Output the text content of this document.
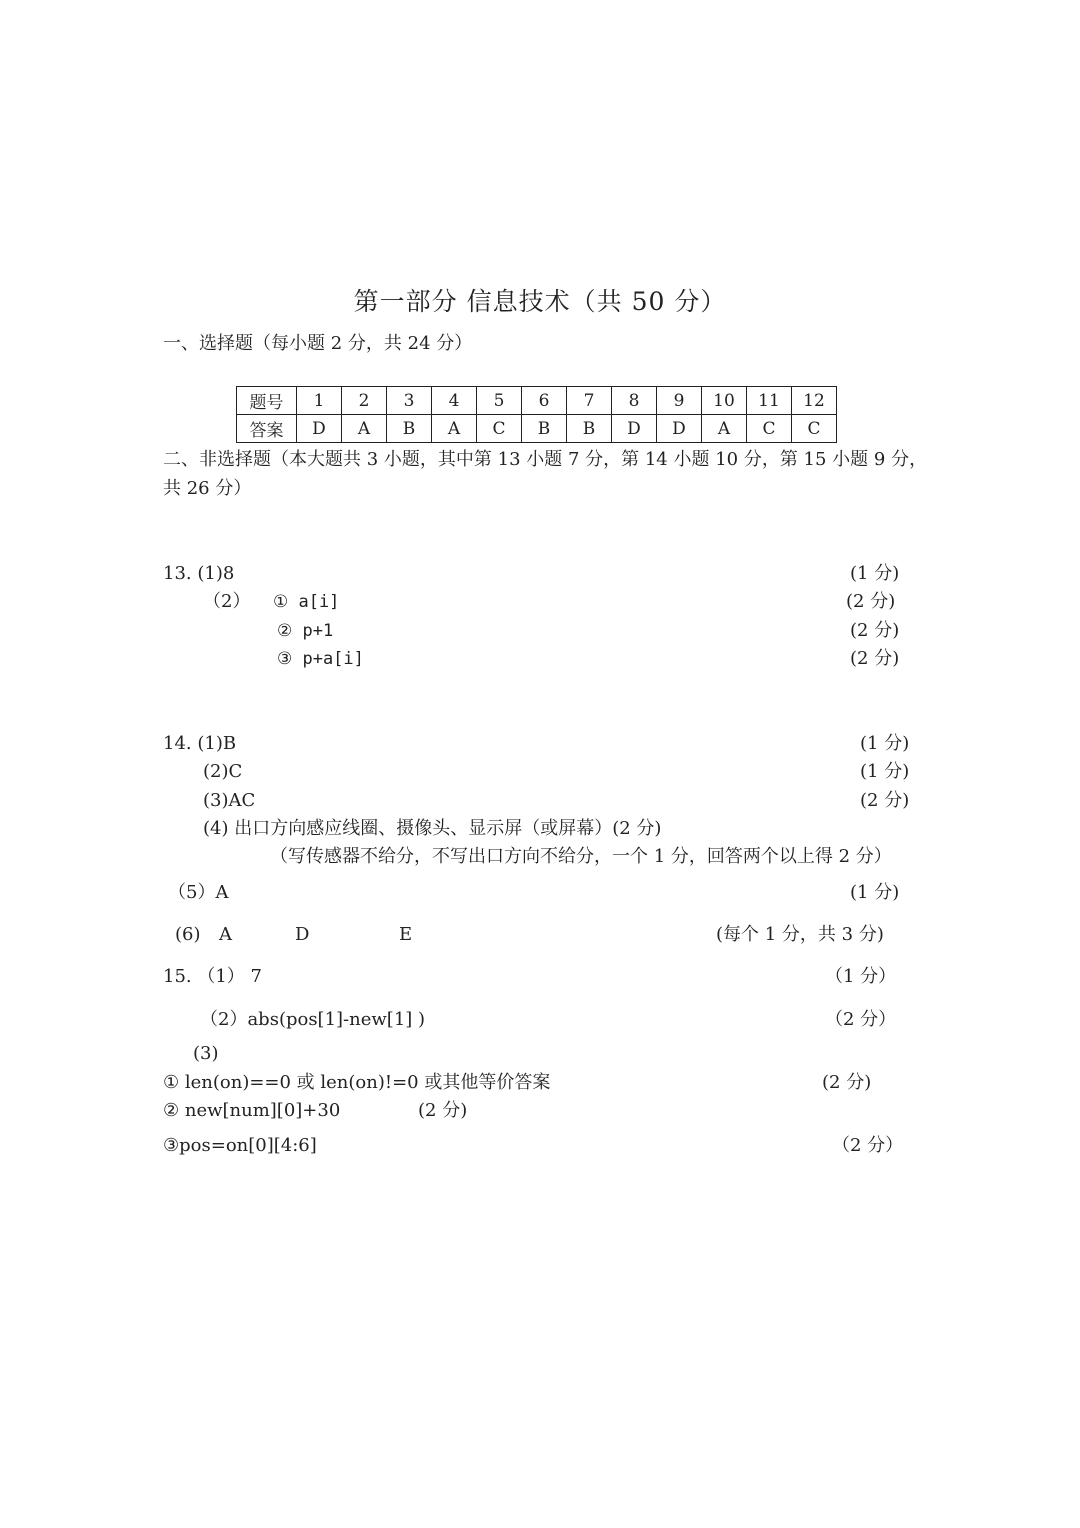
第一部分 信息技术（共 50 分）
一、选择题（每小题 2 分，共 24 分）
题号	1	2	3	4	5	6	7	8	9	10	11	12
答案	D	A	B	A	C	B	B	D	D	A	C	C
二、非选择题（本大题共 3 小题，其中第 13 小题 7 分，第 14 小题 10 分，第 15 小题 9 分，
共 26 分）
13. (1)8	(1 分)
（2） ① a[i]	(2 分)
② p+1	(2 分)
③ p+a[i]	(2 分)
14. (1)B	(1 分)
(2)C	(1 分)
(3)AC	(2 分)
(4) 出口方向感应线圈、摄像头、显示屏（或屏幕）(2 分)
（写传感器不给分，不写出口方向不给分，一个 1 分，回答两个以上得 2 分）
（5）A	(1 分)
(6) A	D	E	(每个 1 分，共 3 分)
15. （1） 7	（1 分）
（2）abs(pos[1]-new[1] )	（2 分）
(3)
① len(on)==0 或 len(on)!=0 或其他等价答案	(2 分)
② new[num][0]+30	(2 分)
③pos=on[0][4:6]	（2 分）
